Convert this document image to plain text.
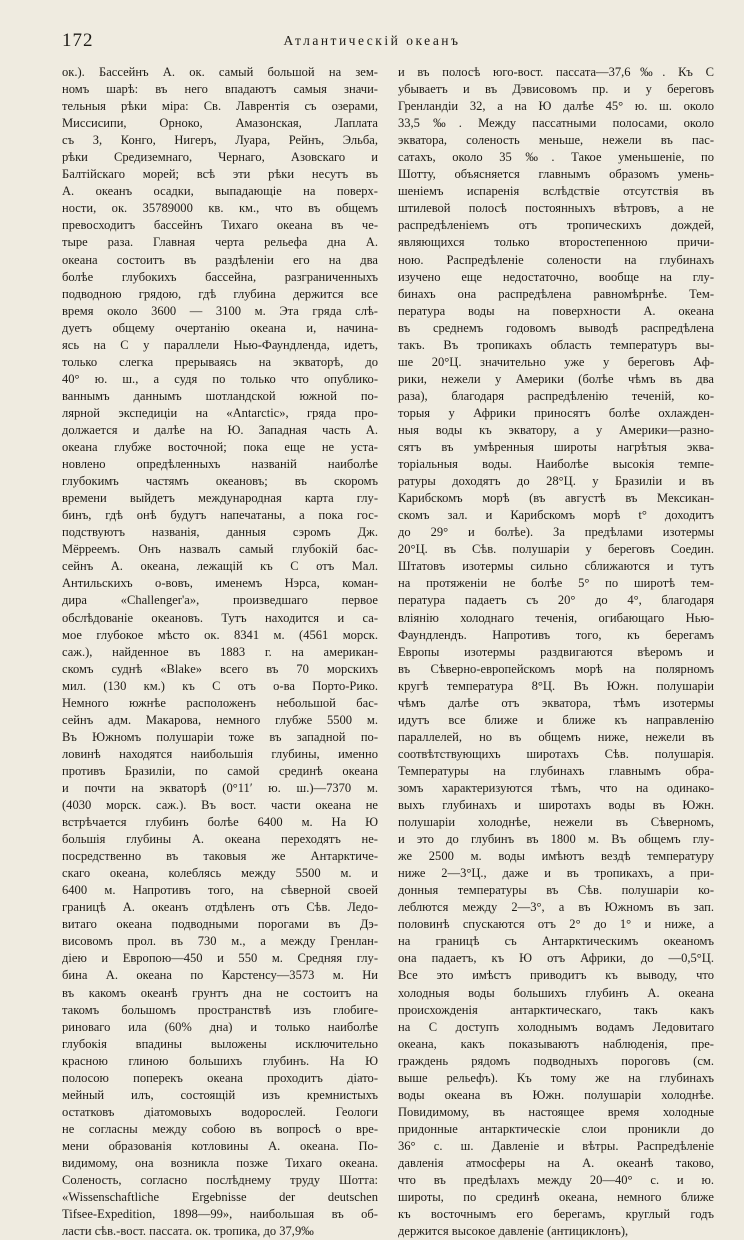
172	Атлантическій океанъ
ок.). Бассейнъ А. ок. самый большой на зем-
номъ шарѣ: въ него впадаютъ самыя значи-
тельныя рѣки міра: Св. Лаврентія съ озерами,
Миссисипи, Орноко, Амазонская, Лаплата
съ З, Конго, Нигеръ, Луара, Рейнъ, Эльба,
рѣки Средиземнаго, Чернаго, Азовскаго и
Балтійскаго морей; всѣ эти рѣки несутъ въ
А. океанъ осадки, выпадающіе на поверх-
ности, ок. 35789000 кв. км., что въ общемъ
превосходитъ бассейнъ Тихаго океана въ че-
тыре раза. Главная черта рельефа дна А.
океана состоитъ въ раздѣленіи его на два
болѣе глубокихъ бассейна, разграниченныхъ
подводною грядою, гдѣ глубина держится все
время около 3600 — 3100 м. Эта гряда слѣ-
дуетъ общему очертанію океана и, начина-
ясь на С у параллели Нью-Фаундленда, идетъ,
только слегка прерываясь на экваторѣ, до
40° ю. ш., а судя по только что опублико-
ваннымъ даннымъ шотландской южной по-
лярной экспедиціи на «Antarctic», гряда про-
должается и далѣе на Ю. Западная часть А.
океана глубже восточной; пока еще не уста-
новлено опредѣленныхъ названій наиболѣе
глубокимъ частямъ океановъ; въ скоромъ
времени выйдетъ международная карта глу-
бинъ, гдѣ онѣ будутъ напечатаны, а пока гос-
подствуютъ названія, данныя сэромъ Дж.
Мёрреемъ. Онъ назвалъ самый глубокій бас-
сейнъ А. океана, лежащій къ С отъ Мал.
Антильскихъ о-вовъ, именемъ Нэрса, коман-
дира «Challenger'а», произведшаго первое
обслѣдованіе океановъ. Тутъ находится и са-
мое глубокое мѣсто ок. 8341 м. (4561 морск.
саж.), найденное въ 1883 г. на американ-
скомъ суднѣ «Blake» всего въ 70 морскихъ
мил. (130 км.) къ С отъ о-ва Порто-Рико.
Немного южнѣе расположенъ небольшой бас-
сейнъ адм. Макарова, немного глубже 5500 м.
Въ Южномъ полушаріи тоже въ западной по-
ловинѣ находятся наибольшія глубины, именно
противъ Бразиліи, по самой срединѣ океана
и почти на экваторѣ (0°11′ ю. ш.)—7370 м.
(4030 морск. саж.). Въ вост. части океана не
встрѣчается глубинъ болѣе 6400 м. На Ю
большія глубины А. океана переходятъ не-
посредственно въ таковыя же Антарктиче-
скаго океана, колеблясь между 5500 м. и
6400 м. Напротивъ того, на сѣверной своей
границѣ А. океанъ отдѣленъ отъ Сѣв. Ледо-
витаго океана подводными порогами въ Дэ-
висовомъ прол. въ 730 м., а между Гренлан-
діею и Европою—450 и 550 м. Средняя глу-
бина А. океана по Карстенсу—3573 м. Ни
въ какомъ океанѣ грунтъ дна не состоитъ на
такомъ большомъ пространствѣ изъ глобиге-
риноваго ила (60% дна) и только наиболѣе
глубокія впадины выложены исключительно
красною глиною большихъ глубинъ. На Ю
полосою поперекъ океана проходитъ діато-
мейный илъ, состоящій изъ кремнистыхъ
остатковъ діатомовыхъ водорослей. Геологи
не согласны между собою въ вопросѣ о вре-
мени образованія котловины А. океана. По-
видимому, она возникла позже Тихаго океана.
Соленость, согласно послѣднему труду Шотта:
«Wissenschaftliche Ergebnisse der deutschen
Tifsee-Expedition, 1898—99», наибольшая въ об-
ласти сѣв.-вост. пассата. ок. тропика, до 37,9‰
и въ полосѣ юго-вост. пассата—37,6‰. Къ С
убываетъ и въ Дэвисовомъ пр. и у береговъ
Гренландіи 32, а на Ю далѣе 45° ю. ш. около
33,5‰. Между пассатными полосами, около
экватора, соленость меньше, нежели въ пас-
сатахъ, около 35‰. Такое уменьшеніе, по
Шотту, объясняется главнымъ образомъ умень-
шеніемъ испаренія вслѣдствіе отсутствія въ
штилевой полосѣ постоянныхъ вѣтровъ, а не
распредѣленіемъ отъ тропическихъ дождей,
являющихся только второстепенною причи-
ною. Распредѣленіе солености на глубинахъ
изучено еще недостаточно, вообще на глу-
бинахъ она распредѣлена равномѣрнѣе. Тем-
пература воды на поверхности А. океана
въ среднемъ годовомъ выводѣ распредѣлена
такъ. Въ тропикахъ область температуръ вы-
ше 20°Ц. значительно уже у береговъ Аф-
рики, нежели у Америки (болѣе чѣмъ въ два
раза), благодаря распредѣленію теченій, ко-
торыя у Африки приносятъ болѣе охлажден-
ныя воды къ экватору, а у Америки—разно-
сятъ въ умѣренныя широты нагрѣтыя эква-
торіальныя воды. Наиболѣе высокія темпе-
ратуры доходятъ до 28°Ц. у Бразиліи и въ
Карибскомъ морѣ (въ августѣ въ Мексикан-
скомъ зал. и Карибскомъ морѣ t° доходитъ
до 29° и болѣе). За предѣлами изотермы
20°Ц. въ Сѣв. полушаріи у береговъ Соедин.
Штатовъ изотермы сильно сближаются и тутъ
на протяженіи не болѣе 5° по широтѣ тем-
пература падаетъ съ 20° до 4°, благодаря
вліянію холоднаго теченія, огибающаго Нью-
Фаундлендъ. Напротивъ того, къ берегамъ
Европы изотермы раздвигаются вѣеромъ и
въ Сѣверно-европейскомъ морѣ на полярномъ
кругѣ температура 8°Ц. Въ Южн. полушаріи
чѣмъ далѣе отъ экватора, тѣмъ изотермы
идутъ все ближе и ближе къ направленію
параллелей, но въ общемъ ниже, нежели въ
соотвѣтствующихъ широтахъ Сѣв. полушарія.
Температуры на глубинахъ главнымъ обра-
зомъ характеризуются тѣмъ, что на одинако-
выхъ глубинахъ и широтахъ воды въ Южн.
полушаріи холоднѣе, нежели въ Сѣверномъ,
и это до глубинъ въ 1800 м. Въ общемъ глу-
же 2500 м. воды имѣютъ вездѣ температуру
ниже 2—3°Ц., даже и въ тропикахъ, а при-
донныя температуры въ Сѣв. полушаріи ко-
леблются между 2—3°, а въ Южномъ въ зап.
половинѣ спускаются отъ 2° до 1° и ниже, а
на границѣ съ Антарктическимъ океаномъ
она падаетъ, къ Ю отъ Африки, до —0,5°Ц.
Все это имѣстъ приводитъ къ выводу, что
холодныя воды большихъ глубинъ А. океана
происхожденія антарктическаго, такъ какъ
на С доступъ холоднымъ водамъ Ледовитаго
океана, какъ показываютъ наблюденія, пре-
граждень рядомъ подводныхъ пороговъ (см.
выше рельефъ). Къ тому же на глубинахъ
воды океана въ Южн. полушаріи холоднѣе.
Повидимому, въ настоящее время холодные
придонные антарктическіе слои проникли до
36° с. ш. Давленіе и вѣтры. Распредѣленіе
давленія атмосферы на А. океанѣ таково,
что въ предѣлахъ между 20—40° с. и ю.
широты, по срединѣ океана, немного ближе
къ восточнымъ его берегамъ, круглый годъ
держится высокое давленіе (антициклонъ),
